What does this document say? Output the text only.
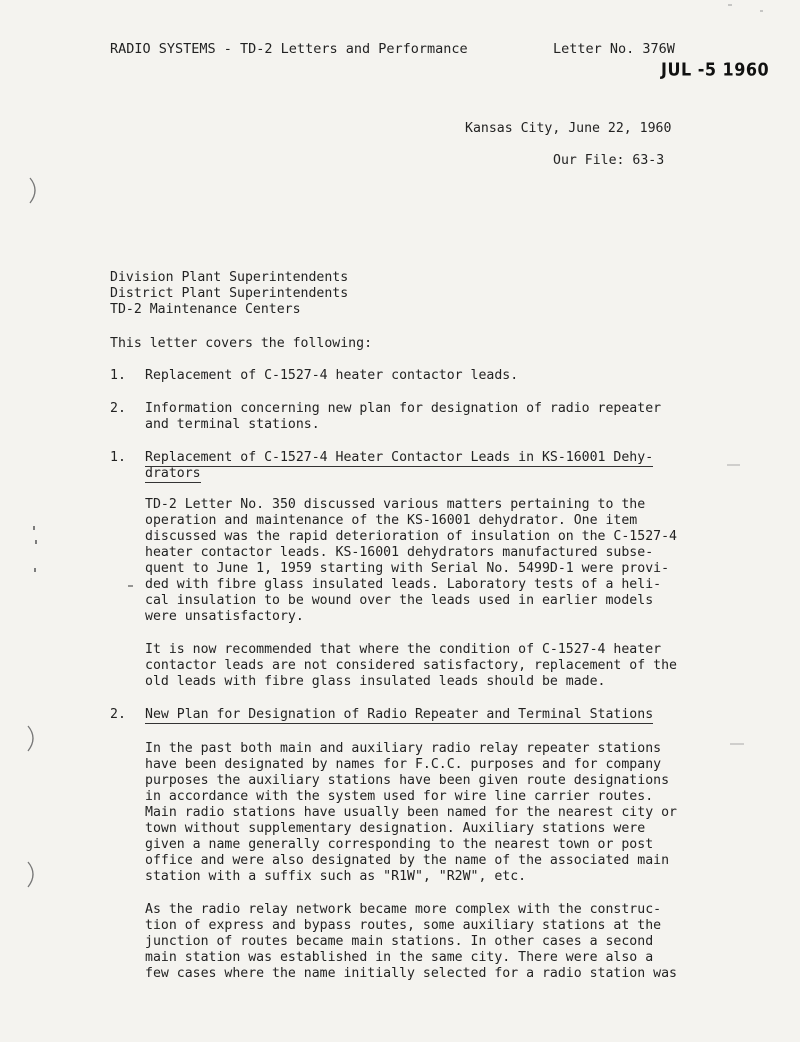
RADIO SYSTEMS - TD-2 Letters and Performance	Letter No. 376W
JUL -5 1960
Kansas City, June 22, 1960
Our File: 63-3
Division Plant Superintendents
District Plant Superintendents
TD-2 Maintenance Centers
This letter covers the following:
1. Replacement of C-1527-4 heater contactor leads.
2. Information concerning new plan for designation of radio repeater
and terminal stations.
1. Replacement of C-1527-4 Heater Contactor Leads in KS-16001 Dehy-
drators
TD-2 Letter No. 350 discussed various matters pertaining to the
operation and maintenance of the KS-16001 dehydrator. One item
discussed was the rapid deterioration of insulation on the C-1527-4
heater contactor leads. KS-16001 dehydrators manufactured subse-
quent to June 1, 1959 starting with Serial No. 5499D-1 were provi-
ded with fibre glass insulated leads. Laboratory tests of a heli-
cal insulation to be wound over the leads used in earlier models
were unsatisfactory.
It is now recommended that where the condition of C-1527-4 heater
contactor leads are not considered satisfactory, replacement of the
old leads with fibre glass insulated leads should be made.
2. New Plan for Designation of Radio Repeater and Terminal Stations
In the past both main and auxiliary radio relay repeater stations
have been designated by names for F.C.C. purposes and for company
purposes the auxiliary stations have been given route designations
in accordance with the system used for wire line carrier routes.
Main radio stations have usually been named for the nearest city or
town without supplementary designation. Auxiliary stations were
given a name generally corresponding to the nearest town or post
office and were also designated by the name of the associated main
station with a suffix such as "R1W", "R2W", etc.
As the radio relay network became more complex with the construc-
tion of express and bypass routes, some auxiliary stations at the
junction of routes became main stations. In other cases a second
main station was established in the same city. There were also a
few cases where the name initially selected for a radio station was
